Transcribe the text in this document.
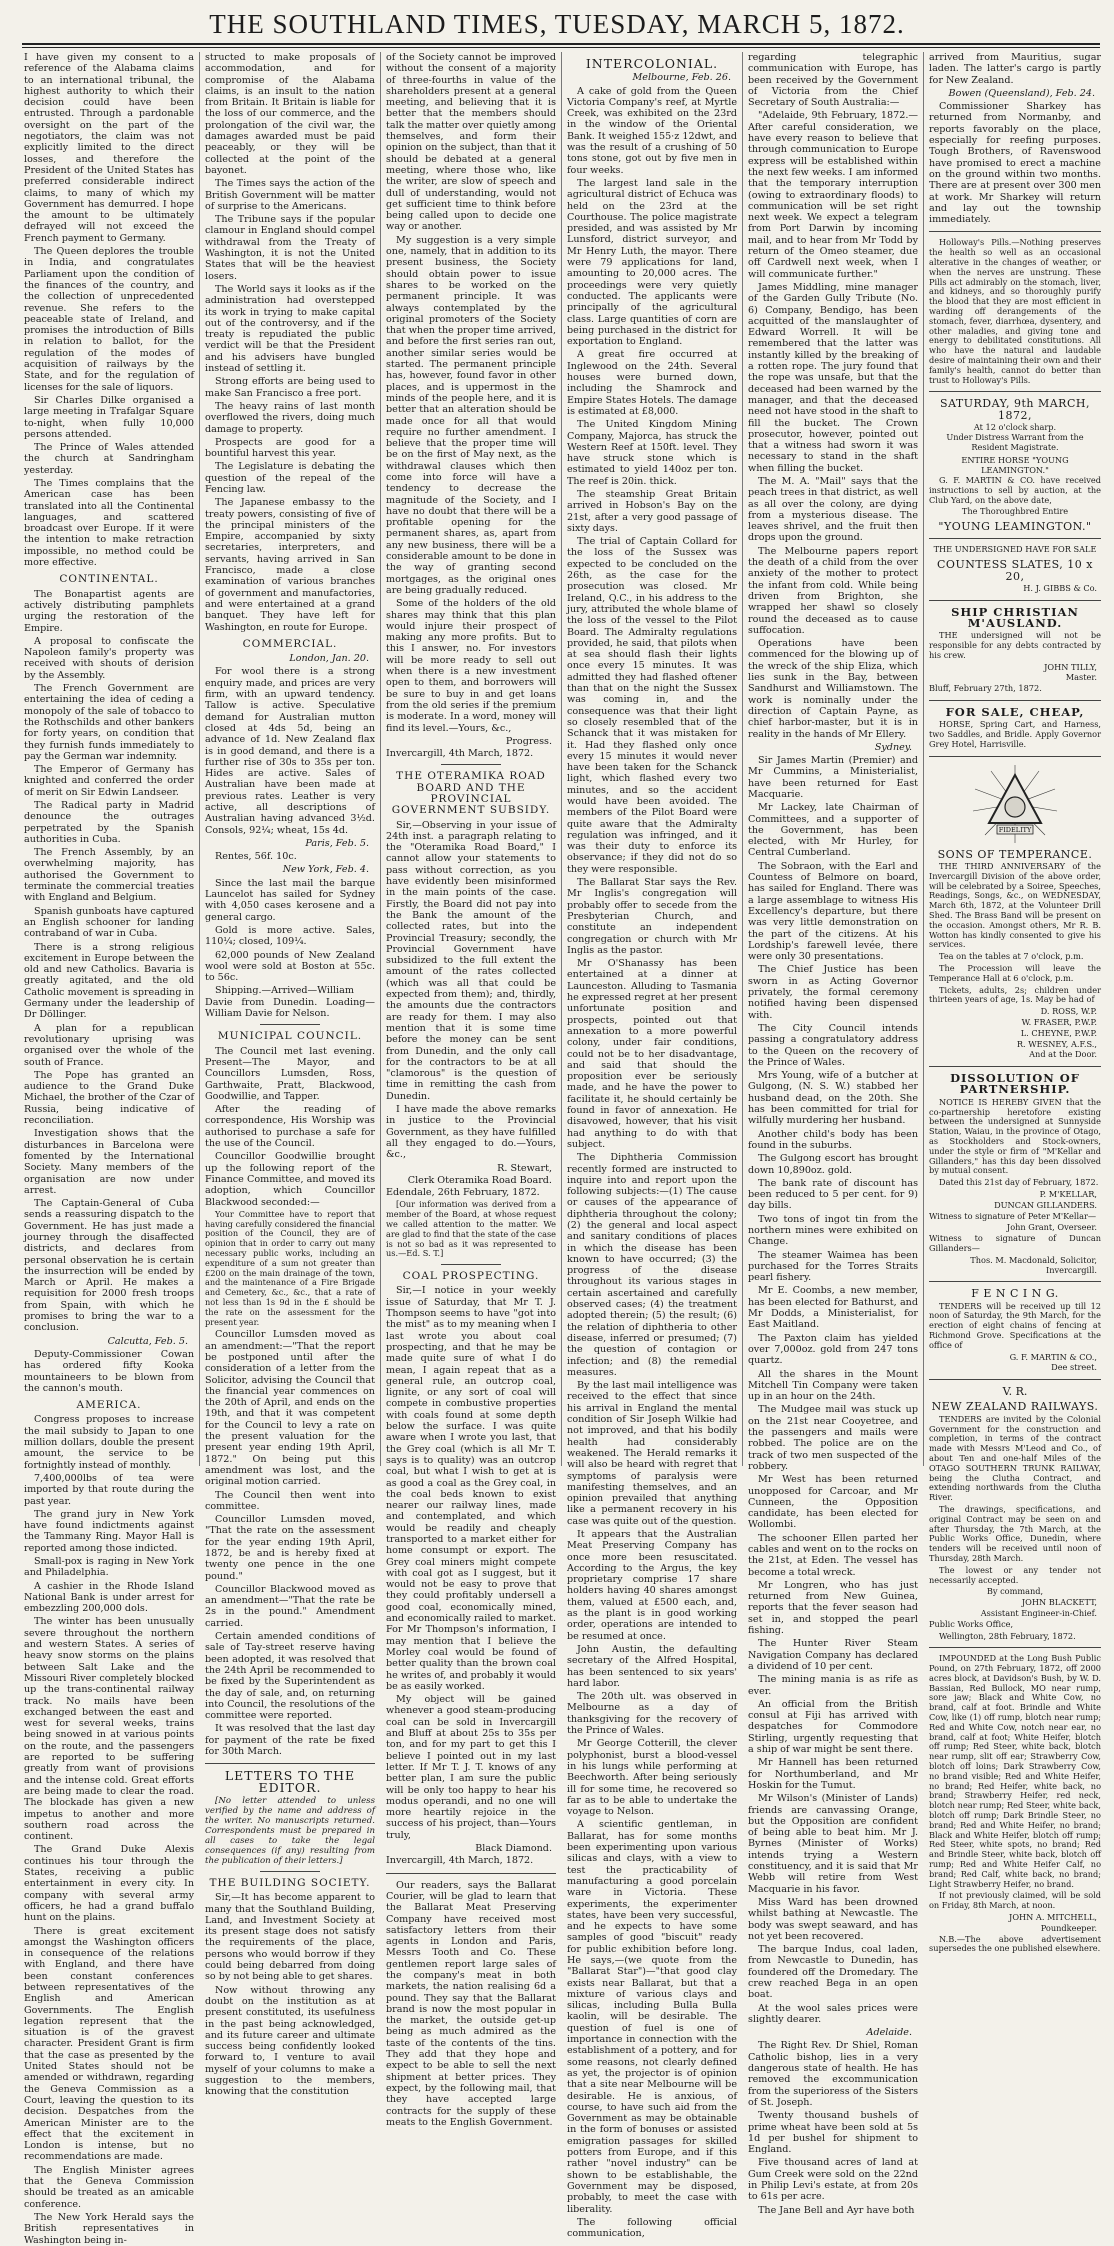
THE SOUTHLAND TIMES, TUESDAY, MARCH 5, 1872.

I have given my consent to a reference of the Alabama claims to an international tribunal, the highest authority to which their decision could have been entrusted. Through a pardonable oversight on the part of the negotiators, the claim was not explicitly limited to the direct losses, and therefore the President of the United States has preferred considerable indirect claims, to many of which my Government has demurred. I hope the amount to be ultimately defrayed will not exceed the French payment to Germany.

The Queen deplores the trouble in India, and congratulates Parliament upon the condition of the finances of the country, and the collection of unprecedented revenue. She refers to the peaceable state of Ireland, and promises the introduction of Bills in relation to ballot, for the regulation of the modes of acquisition of railways by the State, and for the regulation of licenses for the sale of liquors.

Sir Charles Dilke organised a large meeting in Trafalgar Square to-night, when fully 10,000 persons attended.

The Prince of Wales attended the church at Sandringham yesterday.

The Times complains that the American case has been translated into all the Continental languages, and scattered broadcast over Europe. If it were the intention to make retraction impossible, no method could be more effective.

CONTINENTAL.

The Bonapartist agents are actively distributing pamphlets urging the restoration of the Empire.

A proposal to confiscate the Napoleon family's property was received with shouts of derision by the Assembly.

The French Government are entertaining the idea of ceding a monopoly of the sale of tobacco to the Rothschilds and other bankers for forty years, on condition that they furnish funds immediately to pay the German war indemnity.

The Emperor of Germany has knighted and conferred the order of merit on Sir Edwin Landseer.

The Radical party in Madrid denounce the outrages perpetrated by the Spanish authorities in Cuba.

The French Assembly, by an overwhelming majority, has authorised the Government to terminate the commercial treaties with England and Belgium.

Spanish gunboats have captured an English schooner for landing contraband of war in Cuba.

There is a strong religious excitement in Europe between the old and new Catholics. Bavaria is greatly agitated, and the old Catholic movement is spreading in Germany under the leadership of Dr Döllinger.

A plan for a republican revolutionary uprising was organised over the whole of the south of France.

The Pope has granted an audience to the Grand Duke Michael, the brother of the Czar of Russia, being indicative of reconciliation.

Investigation shows that the disturbances in Barcelona were fomented by the International Society. Many members of the organisation are now under arrest.

The Captain-General of Cuba sends a reassuring dispatch to the Government. He has just made a journey through the disaffected districts, and declares from personal observation he is certain the insurrection will be ended by March or April. He makes a requisition for 2000 fresh troops from Spain, with which he promises to bring the war to a conclusion.

Calcutta, Feb. 5.

Deputy-Commissioner Cowan has ordered fifty Kooka mountaineers to be blown from the cannon's mouth.

AMERICA.

Congress proposes to increase the mail subsidy to Japan to one million dollars, double the present amount, the service to be fortnightly instead of monthly.

7,400,000lbs of tea were imported by that route during the past year.

The grand jury in New York have found indictments against the Tammany Ring. Mayor Hall is reported among those indicted.

Small-pox is raging in New York and Philadelphia.

A cashier in the Rhode Island National Bank is under arrest for embezzling 200,000 dols.

The winter has been unusually severe throughout the northern and western States. A series of heavy snow storms on the plains between Salt Lake and the Missouri River completely blocked up the trans-continental railway track. No mails have been exchanged between the east and west for several weeks, trains being snowed in at various points on the route, and the passengers are reported to be suffering greatly from want of provisions and the intense cold. Great efforts are being made to clear the road. The blockade has given a new impetus to another and more southern road across the continent.

The Grand Duke Alexis continues his tour through the States, receiving a public entertainment in every city. In company with several army officers, he had a grand buffalo hunt on the plains.

There is great excitement amongst the Washington officers in consequence of the relations with England, and there have been constant conferences between representatives of the English and American Governments. The English legation represent that the situation is of the gravest character. President Grant is firm that the case as presented by the United States should not be amended or withdrawn, regarding the Geneva Commission as a Court, leaving the question to its decision. Despatches from the American Minister are to the effect that the excitement in London is intense, but no recommendations are made.

The English Minister agrees that the Geneva Commission should be treated as an amicable conference.

The New York Herald says the British representatives in Washington being in-

structed to make proposals of accommodation, and for compromise of the Alabama claims, is an insult to the nation from Britain. It Britain is liable for the loss of our commerce, and the prolongation of the civil war, the damages awarded must be paid peaceably, or they will be collected at the point of the bayonet.

The Times says the action of the British Government will be matter of surprise to the Americans.

The Tribune says if the popular clamour in England should compel withdrawal from the Treaty of Washington, it is not the United States that will be the heaviest losers.

The World says it looks as if the administration had overstepped its work in trying to make capital out of the controversy, and if the treaty is repudiated the public verdict will be that the President and his advisers have bungled instead of settling it.

Strong efforts are being used to make San Francisco a free port.

The heavy rains of last month overflowed the rivers, doing much damage to property.

Prospects are good for a bountiful harvest this year.

The Legislature is debating the question of the repeal of the Fencing law.

The Japanese embassy to the treaty powers, consisting of five of the principal ministers of the Empire, accompanied by sixty secretaries, interpreters, and servants, having arrived in San Francisco, made a close examination of various branches of government and manufactories, and were entertained at a grand banquet. They have left for Washington, en route for Europe.

COMMERCIAL.
London, Jan. 20.

For wool there is a strong enquiry made, and prices are very firm, with an upward tendency. Tallow is active. Speculative demand for Australian mutton closed at 4ds 5d, being an advance of 1d. New Zealand flax is in good demand, and there is a further rise of 30s to 35s per ton. Hides are active. Sales of Australian have been made at previous rates. Leather is very active, all descriptions of Australian having advanced 3½d. Consols, 92¼; wheat, 15s 4d.

Paris, Feb. 5.

Rentes, 56f. 10c.

New York, Feb. 4.

Since the last mail the barque Launcelot has sailed for Sydney with 4,050 cases kerosene and a general cargo.

Gold is more active. Sales, 110¼; closed, 109¼.

62,000 pounds of New Zealand wool were sold at Boston at 55c. to 56c.

Shipping.—Arrived—William Davie from Dunedin. Loading—William Davie for Nelson.

MUNICIPAL COUNCIL.

The Council met last evening. Present—The Mayor, and Councillors Lumsden, Ross, Garthwaite, Pratt, Blackwood, Goodwillie, and Tapper.

After the reading of correspondence, His Worship was authorised to purchase a safe for the use of the Council.

Councillor Goodwillie brought up the following report of the Finance Committee, and moved its adoption, which Councillor Blackwood seconded:—

Your Committee have to report that having carefully considered the financial position of the Council, they are of opinion that in order to carry out many necessary public works, including an expenditure of a sum not greater than £200 on the main drainage of the town, and the maintenance of a Fire Brigade and Cemetery, &c., &c., that a rate of not less than 1s 9d in the £ should be the rate on the assessment for the present year.

Councillor Lumsden moved as an amendment:—"That the report be postponed until after the consideration of a letter from the Solicitor, advising the Council that the financial year commences on the 20th of April, and ends on the 19th, and that it was competent for the Council to levy a rate on the present valuation for the present year ending 19th April, 1872." On being put this amendment was lost, and the original motion carried.

The Council then went into committee.

Councillor Lumsden moved, "That the rate on the assessment for the year ending 19th April, 1872, be and is hereby fixed at twenty one pence in the one pound."

Councillor Blackwood moved as an amendment—"That the rate be 2s in the pound." Amendment carried.

Certain amended conditions of sale of Tay-street reserve having been adopted, it was resolved that the 24th April be recommended to be fixed by the Superintendent as the day of sale, and, on returning into Council, the resolutions of the committee were reported.

It was resolved that the last day for payment of the rate be fixed for 30th March.

LETTERS TO THE EDITOR.

[No letter attended to unless verified by the name and address of the writer. No manuscripts returned. Correspondents must be prepared in all cases to take the legal consequences (if any) resulting from the publication of their letters.]

THE BUILDING SOCIETY.

Sir,—It has become apparent to many that the Southland Building, Land, and Investment Society at its present stage does not satisfy the requirements of the place, persons who would borrow if they could being debarred from doing so by not being able to get shares.

Now without throwing any doubt on the institution as at present constituted, its usefulness in the past being acknowledged, and its future career and ultimate success being confidently looked forward to, I venture to avail myself of your columns to make a suggestion to the members, knowing that the constitution

of the Society cannot be improved without the consent of a majority of three-fourths in value of the shareholders present at a general meeting, and believing that it is better that the members should talk the matter over quietly among themselves, and form their opinion on the subject, than that it should be debated at a general meeting, where those who, like the writer, are slow of speech and dull of understanding, would not get sufficient time to think before being called upon to decide one way or another.

My suggestion is a very simple one, namely, that in addition to its present business, the Society should obtain power to issue shares to be worked on the permanent principle. It was always contemplated by the original promoters of the Society that when the proper time arrived, and before the first series ran out, another similar series would be started. The permanent principle has, however, found favor in other places, and is uppermost in the minds of the people here, and it is better that an alteration should be made once for all that would require no further amendment. I believe that the proper time will be on the first of May next, as the withdrawal clauses which then come into force will have a tendency to decrease the magnitude of the Society, and I have no doubt that there will be a profitable opening for the permanent shares, as, apart from any new business, there will be a considerable amount to be done in the way of granting second mortgages, as the original ones are being gradually reduced.

Some of the holders of the old shares may think that this plan would injure their prospect of making any more profits. But to this I answer, no. For investors will be more ready to sell out when there is a new investment open to them, and borrowers will be sure to buy in and get loans from the old series if the premium is moderate. In a word, money will find its level.—Yours, &c.,

Progress.

Invercargill, 4th March, 1872.

THE OTERAMIKA ROAD BOARD AND THE PROVINCIAL GOVERNMENT SUBSIDY.

Sir,—Observing in your issue of 24th inst. a paragraph relating to the "Oteramika Road Board," I cannot allow your statements to pass without correction, as you have evidently been misinformed in the main points of the case. Firstly, the Board did not pay into the Bank the amount of the collected rates, but into the Provincial Treasury; secondly, the Provincial Government have subsidized to the full extent the amount of the rates collected (which was all that could be expected from them); and, thirdly, the amounts due the contractors are ready for them. I may also mention that it is some time before the money can be sent from Dunedin, and the only call for the contractors to be at all "clamorous" is the question of time in remitting the cash from Dunedin.

I have made the above remarks in justice to the Provincial Government, as they have fulfilled all they engaged to do.—Yours, &c.,

R. Stewart,
Clerk Oteramika Road Board.

Edendale, 26th February, 1872.

[Our information was derived from a member of the Board, at whose request we called attention to the matter. We are glad to find that the state of the case is not so bad as it was represented to us.—Ed. S. T.]

COAL PROSPECTING.

Sir,—I notice in your weekly issue of Saturday, that Mr T. J. Thompson seems to have "got into the mist" as to my meaning when I last wrote you about coal prospecting, and that he may be made quite sure of what I do mean, I again repeat that as a general rule, an outcrop coal, lignite, or any sort of coal will compete in combustive properties with coals found at some depth below the surface. I was quite aware when I wrote you last, that the Grey coal (which is all Mr T. says is to quality) was an outcrop coal, but what I wish to get at is as good a coal as the Grey coal, in the coal beds known to exist nearer our railway lines, made and contemplated, and which would be readily and cheaply transported to a market either for home consumpt or export. The Grey coal miners might compete with coal got as I suggest, but it would not be easy to prove that they could profitably undersell a good coal, economically mined, and economically railed to market. For Mr Thompson's information, I may mention that I believe the Morley coal would be found of better quality than the brown coal he writes of, and probably it would be as easily worked.

My object will be gained whenever a good steam-producing coal can be sold in Invercargill and Bluff at about 25s to 35s per ton, and for my part to get this I believe I pointed out in my last letter. If Mr T. J. T. knows of any better plan, I am sure the public will be only too happy to hear his modus operandi, and no one will more heartily rejoice in the success of his project, than—Yours truly,

Black Diamond.

Invercargill, 4th March, 1872.

Our readers, says the Ballarat Courier, will be glad to learn that the Ballarat Meat Preserving Company have received most satisfactory letters from their agents in London and Paris, Messrs Tooth and Co. These gentlemen report large sales of the company's meat in both markets, the nation realising 6d a pound. They say that the Ballarat brand is now the most popular in the market, the outside get-up being as much admired as the taste of the contents of the tins. They add that they hope and expect to be able to sell the next shipment at better prices. They expect, by the following mail, that they have accepted large contracts for the supply of these meats to the English Government.

INTERCOLONIAL.
Melbourne, Feb. 26.

A cake of gold from the Queen Victoria Company's reef, at Myrtle Creek, was exhibited on the 23rd in the window of the Oriental Bank. It weighed 155·z 12dwt, and was the result of a crushing of 50 tons stone, got out by five men in four weeks.

The largest land sale in the agricultural district of Echuca was held on the 23rd at the Courthouse. The police magistrate presided, and was assisted by Mr Lunsford, district surveyor, and Mr Henry Luth, the mayor. There were 79 applications for land, amounting to 20,000 acres. The proceedings were very quietly conducted. The applicants were principally of the agricultural class. Large quantities of corn are being purchased in the district for exportation to England.

A great fire occurred at Inglewood on the 24th. Several houses were burned down, including the Shamrock and Empire States Hotels. The damage is estimated at £8,000.

The United Kingdom Mining Company, Majorca, has struck the Western Reef at 150ft. level. They have struck stone which is estimated to yield 140oz per ton. The reef is 20in. thick.

The steamship Great Britain arrived in Hobson's Bay on the 21st, after a very good passage of sixty days.

The trial of Captain Collard for the loss of the Sussex was expected to be concluded on the 26th, as the case for the prosecution was closed. Mr Ireland, Q.C., in his address to the jury, attributed the whole blame of the loss of the vessel to the Pilot Board. The Admiralty regulations provided, he said, that pilots when at sea should flash their lights once every 15 minutes. It was admitted they had flashed oftener than that on the night the Sussex was coming in, and the consequence was that their light so closely resembled that of the Schanck that it was mistaken for it. Had they flashed only once every 15 minutes it would never have been taken for the Schanck light, which flashed every two minutes, and so the accident would have been avoided. The members of the Pilot Board were quite aware that the Admiralty regulation was infringed, and it was their duty to enforce its observance; if they did not do so they were responsible.

The Ballarat Star says the Rev. Mr Inglis's congregation will probably offer to secede from the Presbyterian Church, and constitute an independent congregation or church with Mr Inglis as the pastor.

Mr O'Shanassy has been entertained at a dinner at Launceston. Alluding to Tasmania he expressed regret at her present unfortunate position and prospects, pointed out that annexation to a more powerful colony, under fair conditions, could not be to her disadvantage, and said that should the proposition ever be seriously made, and he have the power to facilitate it, he should certainly be found in favor of annexation. He disavowed, however, that his visit had anything to do with that subject.

The Diphtheria Commission recently formed are instructed to inquire into and report upon the following subjects:—(1) The cause or causes of the appearance of diphtheria throughout the colony; (2) the general and local aspect and sanitary conditions of places in which the disease has been known to have occurred; (3) the progress of the disease throughout its various stages in certain ascertained and carefully observed cases; (4) the treatment adopted therein; (5) the result; (6) the relation of diphtheria to other disease, inferred or presumed; (7) the question of contagion or infection; and (8) the remedial measures.

By the last mail intelligence was received to the effect that since his arrival in England the mental condition of Sir Joseph Wilkie had not improved, and that his bodily health had considerably weakened. The Herald remarks it will also be heard with regret that symptoms of paralysis were manifesting themselves, and an opinion prevailed that anything like a permanent recovery in his case was quite out of the question.

It appears that the Australian Meat Preserving Company has once more been resuscitated. According to the Argus, the key proprietary comprise 17 share holders having 40 shares amongst them, valued at £500 each, and, as the plant is in good working order, operations are intended to be resumed at once.

John Austin, the defaulting secretary of the Alfred Hospital, has been sentenced to six years' hard labor.

The 20th ult. was observed in Melbourne as a day of thanksgiving for the recovery of the Prince of Wales.

Mr George Cotterill, the clever polyphonist, burst a blood-vessel in his lungs while performing at Beechworth. After being seriously ill for some time, he recovered so far as to be able to undertake the voyage to Nelson.

A scientific gentleman, in Ballarat, has for some months been experimenting upon various silicas and clays, with a view to test the practicability of manufacturing a good porcelain ware in Victoria. These experiments, the experimenter states, have been very successful, and he expects to have some samples of good "biscuit" ready for public exhibition before long. He says,—(we quote from the "Ballarat Star")—"that good clay exists near Ballarat, but that a mixture of various clays and silicas, including Bulla Bulla kaolin, will be desirable. The question of fuel is one of importance in connection with the establishment of a pottery, and for some reasons, not clearly defined as yet, the projector is of opinion that a site near Melbourne will be desirable. He is anxious, of course, to have such aid from the Government as may be obtainable in the form of bonuses or assisted emigration passages for skilled potters from Europe, and if this rather "novel industry" can be shown to be establishable, the Government may be disposed, probably, to meet the case with liberality.

The following official communication,

regarding telegraphic communication with Europe, has been received by the Government of Victoria from the Chief Secretary of South Australia:—

"Adelaide, 9th February, 1872.—After careful consideration, we have every reason to believe that through communication to Europe express will be established within the next few weeks. I am informed that the temporary interruption (owing to extraordinary floods) to communication will be set right next week. We expect a telegram from Port Darwin by incoming mail, and to hear from Mr Todd by return of the Omeo steamer, due off Cardwell next week, when I will communicate further."

James Middling, mine manager of the Garden Gully Tribute (No. 6) Company, Bendigo, has been acquitted of the manslaughter of Edward Worrell. It will be remembered that the latter was instantly killed by the breaking of a rotten rope. The jury found that the rope was unsafe, but that the deceased had been warned by the manager, and that the deceased need not have stood in the shaft to fill the bucket. The Crown prosecutor, however, pointed out that a witness had sworn it was necessary to stand in the shaft when filling the bucket.

The M. A. "Mail" says that the peach trees in that district, as well as all over the colony, are dying from a mysterious disease. The leaves shrivel, and the fruit then drops upon the ground.

The Melbourne papers report the death of a child from the over anxiety of the mother to protect the infant from cold. While being driven from Brighton, she wrapped her shawl so closely round the deceased as to cause suffocation.

Operations have been commenced for the blowing up of the wreck of the ship Eliza, which lies sunk in the Bay, between Sandhurst and Williamstown. The work is nominally under the direction of Captain Payne, as chief harbor-master, but it is in reality in the hands of Mr Ellery.

Sydney.

Sir James Martin (Premier) and Mr Cummins, a Ministerialist, have been returned for East Macquarie.

Mr Lackey, late Chairman of Committees, and a supporter of the Government, has been elected, with Mr Hurley, for Central Cumberland.

The Sobraon, with the Earl and Countess of Belmore on board, has sailed for England. There was a large assemblage to witness His Excellency's departure, but there was very little demonstration on the part of the citizens. At his Lordship's farewell levée, there were only 30 presentations.

The Chief Justice has been sworn in as Acting Governor privately, the formal ceremony notified having been dispensed with.

The City Council intends passing a congratulatory address to the Queen on the recovery of the Prince of Wales.

Mrs Young, wife of a butcher at Gulgong, (N. S. W.) stabbed her husband dead, on the 20th. She has been committed for trial for wilfully murdering her husband.

Another child's body has been found in the suburbs.

The Gulgong escort has brought down 10,890oz. gold.

The bank rate of discount has been reduced to 5 per cent. for 9) day bills.

Two tons of ingot tin from the northern mines were exhibited on Change.

The steamer Waimea has been purchased for the Torres Straits pearl fishery.

Mr E. Coombs, a new member, has been elected for Bathurst, and Mr Dodds, a Ministerialist, for East Maitland.

The Paxton claim has yielded over 7,000oz. gold from 247 tons quartz.

All the shares in the Mount Mitchell Tin Company were taken up in an hour on the 24th.

The Mudgee mail was stuck up on the 21st near Cooyetree, and the passengers and mails were robbed. The police are on the track of two men suspected of the robbery.

Mr West has been returned unopposed for Carcoar, and Mr Cunneen, the Opposition candidate, has been elected for Wollombi.

The schooner Ellen parted her cables and went on to the rocks on the 21st, at Eden. The vessel has become a total wreck.

Mr Longren, who has just returned from New Guinea, reports that the fever season had set in, and stopped the pearl fishing.

The Hunter River Steam Navigation Company has declared a dividend of 10 per cent.

The mining mania is as rife as ever.

An official from the British consul at Fiji has arrived with despatches for Commodore Stirling, urgently requesting that a ship of war might be sent there.

Mr Hannell has been returned for Northumberland, and Mr Hoskin for the Tumut.

Mr Wilson's (Minister of Lands) friends are canvassing Orange, but the Opposition are confident of being able to beat him. Mr J. Byrnes (Minister of Works) intends trying a Western constituency, and it is said that Mr Webb will retire from West Macquarie in his favor.

Miss Ward has been drowned whilst bathing at Newcastle. The body was swept seaward, and has not yet been recovered.

The barque Indus, coal laden, from Newcastle to Dunedin, has foundered off the Dromedary. The crew reached Bega in an open boat.

At the wool sales prices were slightly dearer.

Adelaide.

The Right Rev. Dr Shiel, Roman Catholic bishop, lies in a very dangerous state of health. He has removed the excommunication from the superioress of the Sisters of St. Joseph.

Twenty thousand bushels of prime wheat have been sold at 5s 1d per bushel for shipment to England.

Five thousand acres of land at Gum Creek were sold on the 22nd in Philip Levi's estate, at from 20s to 61s per acre.

The Jane Bell and Ayr have both

arrived from Mauritius, sugar laden. The latter's cargo is partly for New Zealand.

Bowen (Queensland), Feb. 24.

Commissioner Sharkey has returned from Normanby, and reports favorably on the place, especially for reefing purposes. Tough Brothers, of Ravenswood have promised to erect a machine on the ground within two months. There are at present over 300 men at work. Mr Sharkey will return and lay out the township immediately.

Holloway's Pills.—Nothing preserves the health so well as an occasional alterative in the changes of weather, or when the nerves are unstrung. These Pills act admirably on the stomach, liver, and kidneys, and so thoroughly purify the blood that they are most efficient in warding off derangements of the stomach, fever, diarrhœa, dysentery, and other maladies, and giving tone and energy to debilitated constitutions. All who have the natural and laudable desire of maintaining their own and their family's health, cannot do better than trust to Holloway's Pills.

SATURDAY, 9th MARCH, 1872,
At 12 o'clock sharp.
Under Distress Warrant from the Resident Magistrate.
ENTIRE HORSE "YOUNG LEAMINGTON."

G. F. MARTIN & CO. have received instructions to sell by auction, at the Club Yard, on the above date,

The Thoroughbred Entire
"YOUNG LEAMINGTON."
THE UNDERSIGNED HAVE FOR SALE
COUNTESS SLATES, 10 x 20,
H. J. GIBBS & Co.
SHIP CHRISTIAN M'AUSLAND.

THE undersigned will not be responsible for any debts contracted by his crew.

JOHN TILLY,
Master.

Bluff, February 27th, 1872.

FOR SALE, CHEAP,

HORSE, Spring Cart, and Harness, two Saddles, and Bridle. Apply Governor Grey Hotel, Harrisville.

FIDELITY
SONS OF TEMPERANCE.

THE THIRD ANNIVERSARY of the Invercargill Division of the above order, will be celebrated by a Soiree, Speeches, Readings, Songs, &c., on WEDNESDAY, March 6th, 1872, at the Volunteer Drill Shed. The Brass Band will be present on the occasion. Amongst others, Mr R. B. Wotton has kindly consented to give his services.

Tea on the tables at 7 o'clock, p.m.

The Procession will leave the Temperance Hall at 6 o'clock, p.m.

Tickets, adults, 2s; children under thirteen years of age, 1s. May be had of

D. ROSS, W.P.
W. FRASER, P.W.P.
L. CHEYNE, P.W.P.
R. WESNEY, A.F.S.,
And at the Door.
DISSOLUTION OF PARTNERSHIP.

NOTICE IS HEREBY GIVEN that the co-partnership heretofore existing between the undersigned at Sunnyside Station, Waiau, in the province of Otago, as Stockholders and Stock-owners, under the style or firm of "M'Kellar and Gillanders," has this day been dissolved by mutual consent.

Dated this 21st day of February, 1872.

P. M'KELLAR,
DUNCAN GILLANDERS.

Witness to signature of Peter M'Kellar—

John Grant, Overseer.

Witness to signature of Duncan Gillanders—

Thos. M. Macdonald, Solicitor, Invercargill.
F E N C I N G.

TENDERS will be received up till 12 noon of Saturday, the 9th March, for the erection of eight chains of fencing at Richmond Grove. Specifications at the office of

G. F. MARTIN & CO.,
Dee street.
V. R.
NEW ZEALAND RAILWAYS.

TENDERS are invited by the Colonial Government for the construction and completion, in terms of the contract made with Messrs M'Leod and Co., of about Ten and one-half Miles of the OTAGO SOUTHERN TRUNK RAILWAY, being the Clutha Contract, and extending northwards from the Clutha River.

The drawings, specifications, and original Contract may be seen on and after Thursday, the 7th March, at the Public Works Office, Dunedin, where tenders will be received until noon of Thursday, 28th March.

The lowest or any tender not necessarily accepted.

By command,
JOHN BLACKETT,
Assistant Engineer-in-Chief.

Public Works Office,

Wellington, 28th February, 1872.

IMPOUNDED at the Long Bush Public Pound, on 27th February, 1872, off 2000 acres block, at Davidson's Bush, by W. D. Bassian, Red Bullock, MO near rump, sore jaw; Black and White Cow, no brand, calf at foot. Brindle and White Cow, like (1) off rump, blotch near rump; Red and White Cow, notch near ear, no brand, calf at foot; White Heifer, blotch off rump; Red Steer, white back, blotch near rump, slit off ear; Strawberry Cow, blotch off loins; Dark Strawberry Cow, no brand visible; Red and White Heifer, no brand; Red Heifer, white back, no brand; Strawberry Heifer, red neck, blotch near rump; Red Steer, white back, blotch off rump; Dark Brindle Steer, no brand; Red and White Heifer, no brand; Black and White Heifer, blotch off rump; Red Steer, white spots, no brand; Red and Brindle Steer, white back, blotch off rump; Red and White Heifer Calf, no brand; Red Calf, white back, no brand; Light Strawberry Heifer, no brand.

If not previously claimed, will be sold on Friday, 8th March, at noon.

JOHN A. MITCHELL,
Poundkeeper.

N.B.—The above advertisement supersedes the one published elsewhere.
